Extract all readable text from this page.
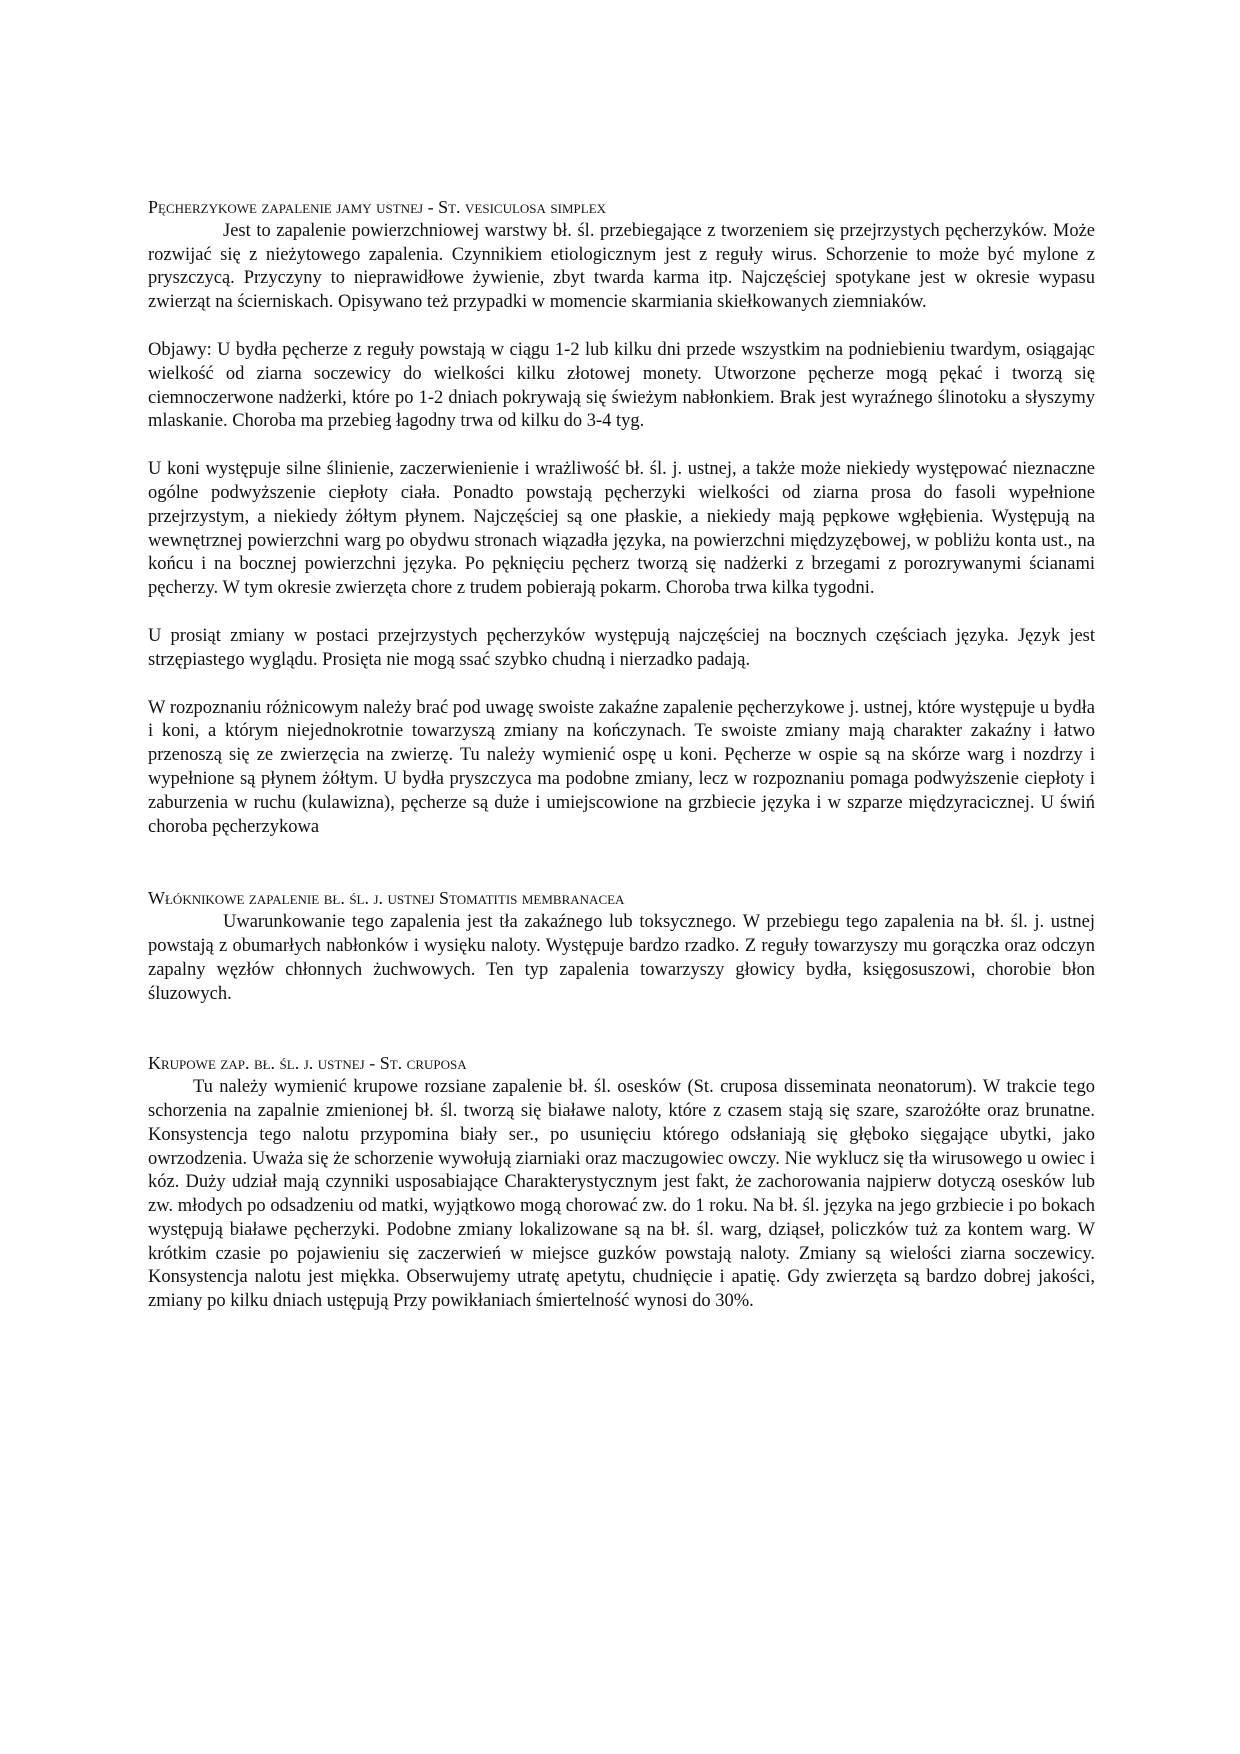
Pęcherzykowe zapalenie jamy ustnej - St. vesiculosa simplex

Jest to zapalenie powierzchniowej warstwy bł. śl. przebiegające z tworzeniem się przejrzystych pęcherzyków. Może rozwijać się z nieżytowego zapalenia. Czynnikiem etiologicznym jest z reguły wirus. Schorzenie to może być mylone z pryszczycą. Przyczyny to nieprawidłowe żywienie, zbyt twarda karma itp. Najczęściej spotykane jest w okresie wypasu zwierząt na ścierniskach. Opisywano też przypadki w momencie skarmiania skiełkowanych ziemniaków.

Objawy: U bydła pęcherze z reguły powstają w ciągu 1-2 lub kilku dni przede wszystkim na podniebieniu twardym, osiągając wielkość od ziarna soczewicy do wielkości kilku złotowej monety. Utworzone pęcherze mogą pękać i tworzą się ciemnoczerwone nadżerki, które po 1-2 dniach pokrywają się świeżym nabłonkiem. Brak jest wyraźnego ślinotoku a słyszymy mlaskanie. Choroba ma przebieg łagodny trwa od kilku do 3-4 tyg.

U koni występuje silne ślinienie, zaczerwienienie i wrażliwość bł. śl. j. ustnej, a także może niekiedy występować nieznaczne ogólne podwyższenie ciepłoty ciała. Ponadto powstają pęcherzyki wielkości od ziarna prosa do fasoli wypełnione przejrzystym, a niekiedy żółtym płynem. Najczęściej są one płaskie, a niekiedy mają pępkowe wgłębienia. Występują na wewnętrznej powierzchni warg po obydwu stronach wiązadła języka, na powierzchni międzyzębowej, w pobliżu konta ust., na końcu i na bocznej powierzchni języka. Po pęknięciu pęcherz tworzą się nadżerki z brzegami z porozrywanymi ścianami pęcherzy. W tym okresie zwierzęta chore z trudem pobierają pokarm. Choroba trwa kilka tygodni.

U prosiąt zmiany w postaci przejrzystych pęcherzyków występują najczęściej na bocznych częściach języka. Język jest strzępiastego wyglądu. Prosięta nie mogą ssać szybko chudną i nierzadko padają.

W rozpoznaniu różnicowym należy brać pod uwagę swoiste zakaźne zapalenie pęcherzykowe j. ustnej, które występuje u bydła i koni, a którym niejednokrotnie towarzyszą zmiany na kończynach. Te swoiste zmiany mają charakter zakaźny i łatwo przenoszą się ze zwierzęcia na zwierzę. Tu należy wymienić ospę u koni. Pęcherze w ospie są na skórze warg i nozdrzy i wypełnione są płynem żółtym. U bydła pryszczyca ma podobne zmiany, lecz w rozpoznaniu pomaga podwyższenie ciepłoty i zaburzenia w ruchu (kulawizna), pęcherze są duże i umiejscowione na grzbiecie języka i w szparze międzyracicznej. U świń choroba pęcherzykowa

Włóknikowe zapalenie bł. śl. j. ustnej Stomatitis membranacea

Uwarunkowanie tego zapalenia jest tła zakaźnego lub toksycznego. W przebiegu tego zapalenia na bł. śl. j. ustnej powstają z obumarłych nabłonków i wysięku naloty. Występuje bardzo rzadko. Z reguły towarzyszy mu gorączka oraz odczyn zapalny węzłów chłonnych żuchwowych. Ten typ zapalenia towarzyszy głowicy bydła, księgosuszowi, chorobie błon śluzowych.

Krupowe zap. bł. śl. j. ustnej - St. cruposa

Tu należy wymienić krupowe rozsiane zapalenie bł. śl. osesków (St. cruposa disseminata neonatorum). W trakcie tego schorzenia na zapalnie zmienionej bł. śl. tworzą się białawe naloty, które z czasem stają się szare, szarożółte oraz brunatne. Konsystencja tego nalotu przypomina biały ser., po usunięciu którego odsłaniają się głęboko sięgające ubytki, jako owrzodzenia. Uważa się że schorzenie wywołują ziarniaki oraz maczugowiec owczy. Nie wyklucz się tła wirusowego u owiec i kóz. Duży udział mają czynniki usposabiające Charakterystycznym jest fakt, że zachorowania najpierw dotyczą osesków lub zw. młodych po odsadzeniu od matki, wyjątkowo mogą chorować zw. do 1 roku. Na bł. śl. języka na jego grzbiecie i po bokach występują białawe pęcherzyki. Podobne zmiany lokalizowane są na bł. śl. warg, dziąseł, policzków tuż za kontem warg. W krótkim czasie po pojawieniu się zaczerwień w miejsce guzków powstają naloty. Zmiany są wielości ziarna soczewicy. Konsystencja nalotu jest miękka. Obserwujemy utratę apetytu, chudnięcie i apatię. Gdy zwierzęta są bardzo dobrej jakości, zmiany po kilku dniach ustępują Przy powikłaniach śmiertelność wynosi do 30%.
